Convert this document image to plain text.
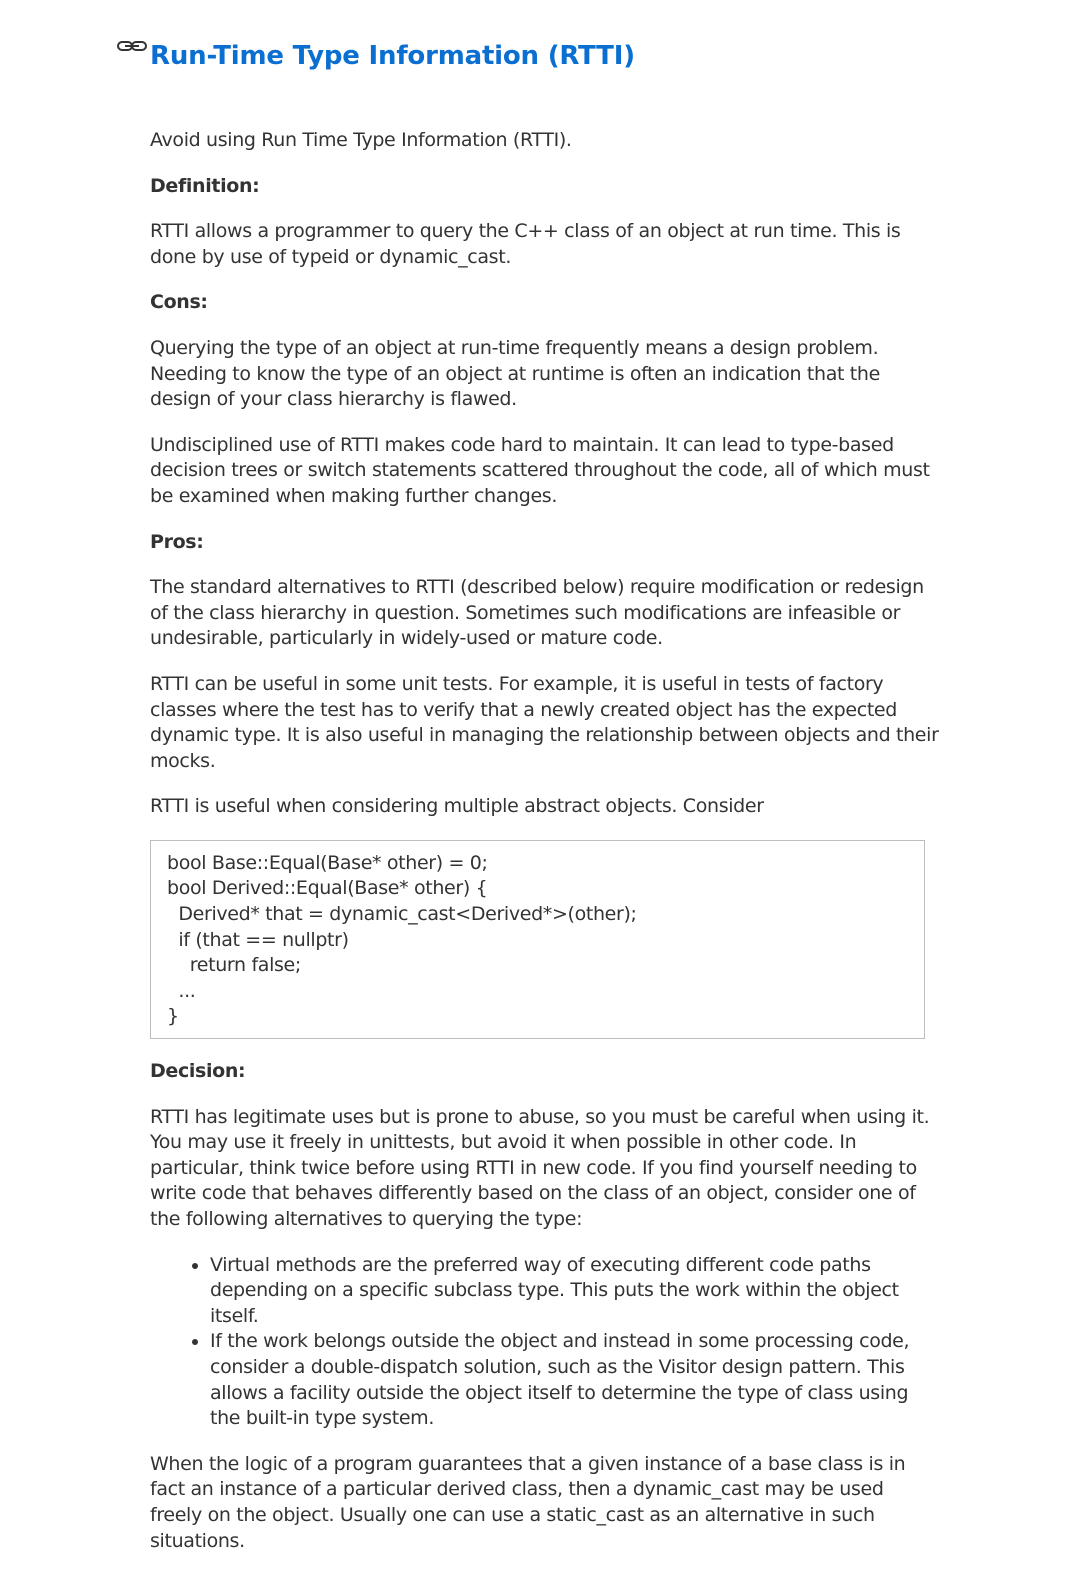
Run-Time Type Information (RTTI)

Avoid using Run Time Type Information (RTTI).

Definition:

RTTI allows a programmer to query the C++ class of an object at run time. This is done by use of typeid or dynamic_cast.

Cons:

Querying the type of an object at run-time frequently means a design problem. Needing to know the type of an object at runtime is often an indication that the design of your class hierarchy is flawed.

Undisciplined use of RTTI makes code hard to maintain. It can lead to type-based decision trees or switch statements scattered throughout the code, all of which must be examined when making further changes.

Pros:

The standard alternatives to RTTI (described below) require modification or redesign of the class hierarchy in question. Sometimes such modifications are infeasible or undesirable, particularly in widely-used or mature code.

RTTI can be useful in some unit tests. For example, it is useful in tests of factory classes where the test has to verify that a newly created object has the expected dynamic type. It is also useful in managing the relationship between objects and their mocks.

RTTI is useful when considering multiple abstract objects. Consider

bool Base::Equal(Base* other) = 0;
bool Derived::Equal(Base* other) {
Derived* that = dynamic_cast<Derived*>(other);
if (that == nullptr)
return false;
...
}

Decision:

RTTI has legitimate uses but is prone to abuse, so you must be careful when using it. You may use it freely in unittests, but avoid it when possible in other code. In particular, think twice before using RTTI in new code. If you find yourself needing to write code that behaves differently based on the class of an object, consider one of the following alternatives to querying the type:

• Virtual methods are the preferred way of executing different code paths depending on a specific subclass type. This puts the work within the object itself.
• If the work belongs outside the object and instead in some processing code, consider a double-dispatch solution, such as the Visitor design pattern. This allows a facility outside the object itself to determine the type of class using the built-in type system.

When the logic of a program guarantees that a given instance of a base class is in fact an instance of a particular derived class, then a dynamic_cast may be used freely on the object. Usually one can use a static_cast as an alternative in such situations.
